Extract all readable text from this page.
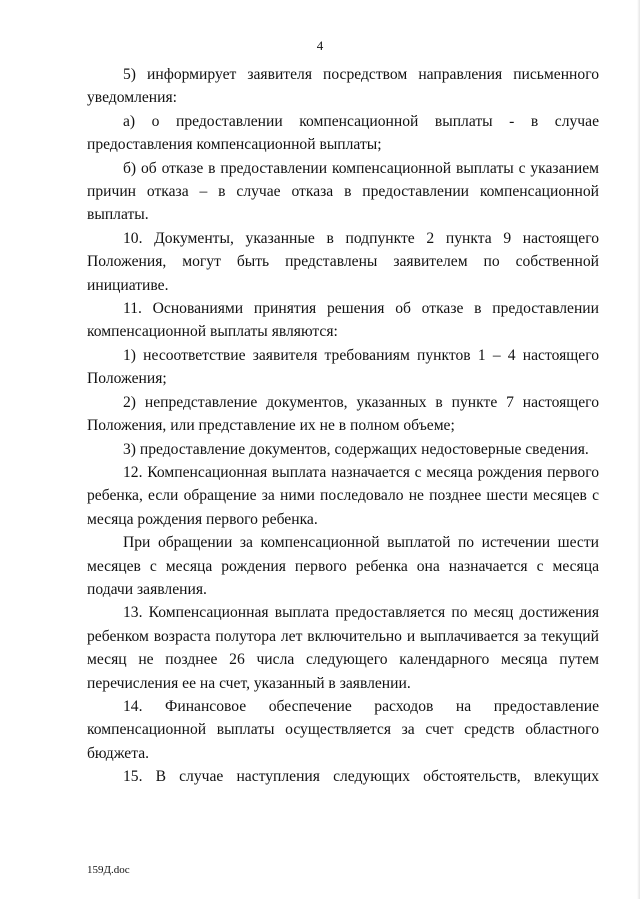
4

5) информирует заявителя посредством направления письменного уведомления:

а) о предоставлении компенсационной выплаты - в случае предоставления компенсационной выплаты;

б) об отказе в предоставлении компенсационной выплаты с указанием причин отказа – в случае отказа в предоставлении компенсационной выплаты.

10. Документы, указанные в подпункте 2 пункта 9 настоящего Положения, могут быть представлены заявителем по собственной инициативе.

11. Основаниями принятия решения об отказе в предоставлении компенсационной выплаты являются:

1) несоответствие заявителя требованиям пунктов 1 – 4 настоящего Положения;

2) непредставление документов, указанных в пункте 7 настоящего Положения, или представление их не в полном объеме;

3) предоставление документов, содержащих недостоверные сведения.

12. Компенсационная выплата назначается с месяца рождения первого ребенка, если обращение за ними последовало не позднее шести месяцев с месяца рождения первого ребенка.

При обращении за компенсационной выплатой по истечении шести месяцев с месяца рождения первого ребенка она назначается с месяца подачи заявления.

13. Компенсационная выплата предоставляется по месяц достижения ребенком возраста полутора лет включительно и выплачивается за текущий месяц не позднее 26 числа следующего календарного месяца путем перечисления ее на счет, указанный в заявлении.

14. Финансовое обеспечение расходов на предоставление компенсационной выплаты осуществляется за счет средств областного бюджета.

15. В случае наступления следующих обстоятельств, влекущих

159Д.doc
